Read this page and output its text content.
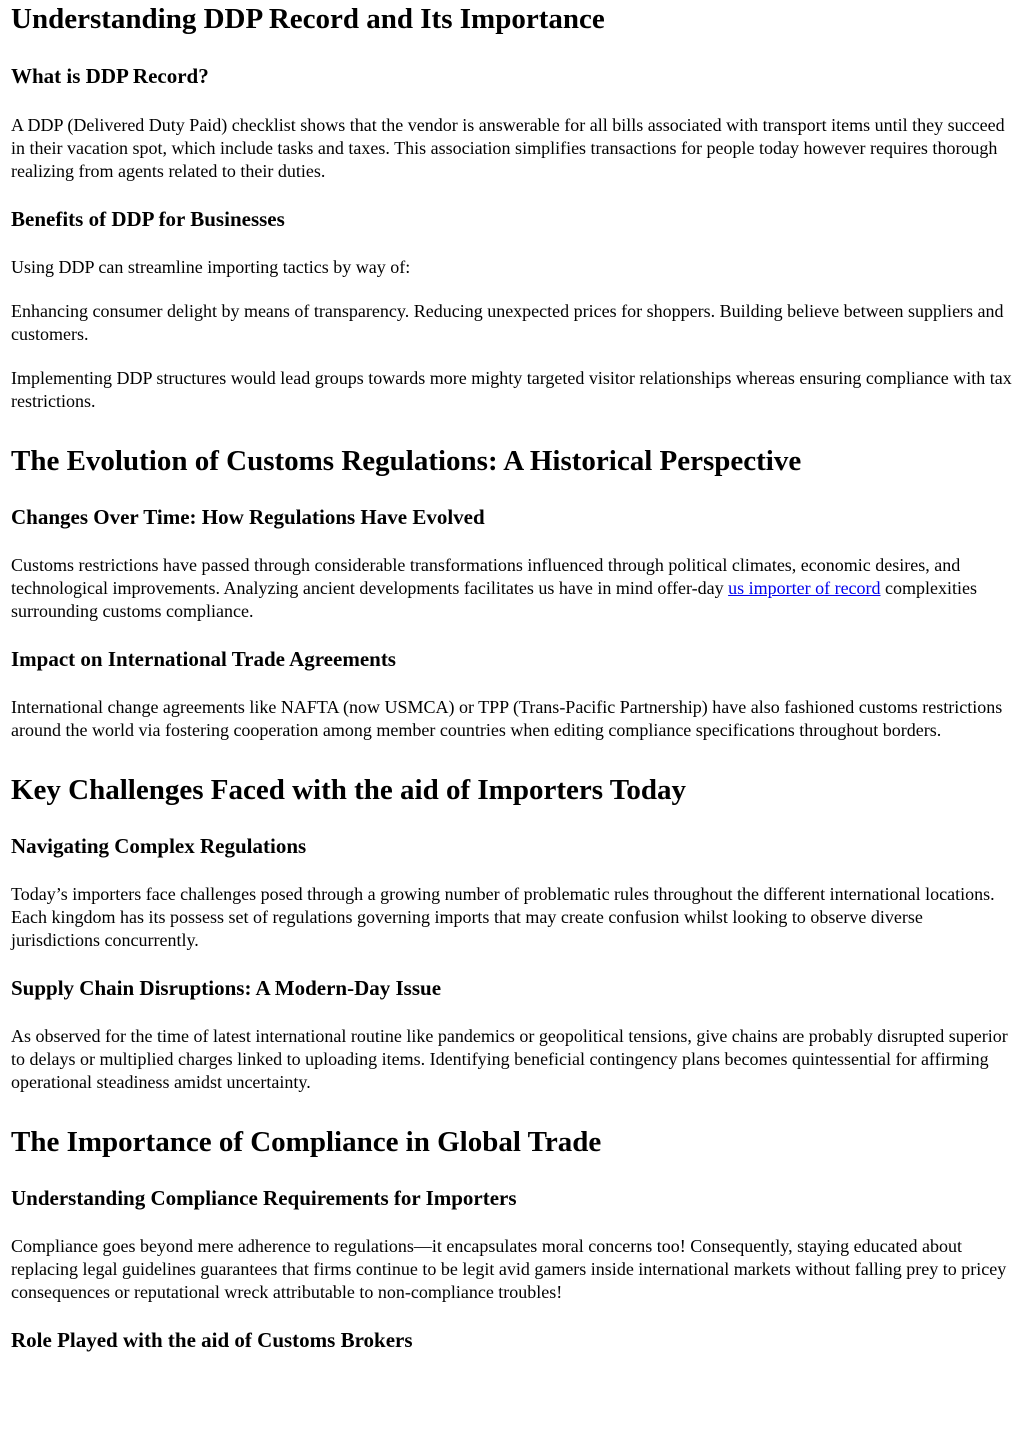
Understanding DDP Record and Its Importance
What is DDP Record?

A DDP (Delivered Duty Paid) checklist shows that the vendor is answerable for all bills associated with transport items until they succeed in their vacation spot, which include tasks and taxes. This association simplifies transactions for people today however requires thorough realizing from agents related to their duties.

Benefits of DDP for Businesses

Using DDP can streamline importing tactics by way of:

Enhancing consumer delight by means of transparency. Reducing unexpected prices for shoppers. Building believe between suppliers and customers.

Implementing DDP structures would lead groups towards more mighty targeted visitor relationships whereas ensuring compliance with tax restrictions.

The Evolution of Customs Regulations: A Historical Perspective
Changes Over Time: How Regulations Have Evolved

Customs restrictions have passed through considerable transformations influenced through political climates, economic desires, and technological improvements. Analyzing ancient developments facilitates us have in mind offer-day us importer of record complexities surrounding customs compliance.

Impact on International Trade Agreements

International change agreements like NAFTA (now USMCA) or TPP (Trans-Pacific Partnership) have also fashioned customs restrictions around the world via fostering cooperation among member countries when editing compliance specifications throughout borders.

Key Challenges Faced with the aid of Importers Today
Navigating Complex Regulations

Today’s importers face challenges posed through a growing number of problematic rules throughout the different international locations. Each kingdom has its possess set of regulations governing imports that may create confusion whilst looking to observe diverse jurisdictions concurrently.

Supply Chain Disruptions: A Modern-Day Issue

As observed for the time of latest international routine like pandemics or geopolitical tensions, give chains are probably disrupted superior to delays or multiplied charges linked to uploading items. Identifying beneficial contingency plans becomes quintessential for affirming operational steadiness amidst uncertainty.

The Importance of Compliance in Global Trade
Understanding Compliance Requirements for Importers

Compliance goes beyond mere adherence to regulations—it encapsulates moral concerns too! Consequently, staying educated about replacing legal guidelines guarantees that firms continue to be legit avid gamers inside international markets without falling prey to pricey consequences or reputational wreck attributable to non-compliance troubles!

Role Played with the aid of Customs Brokers
